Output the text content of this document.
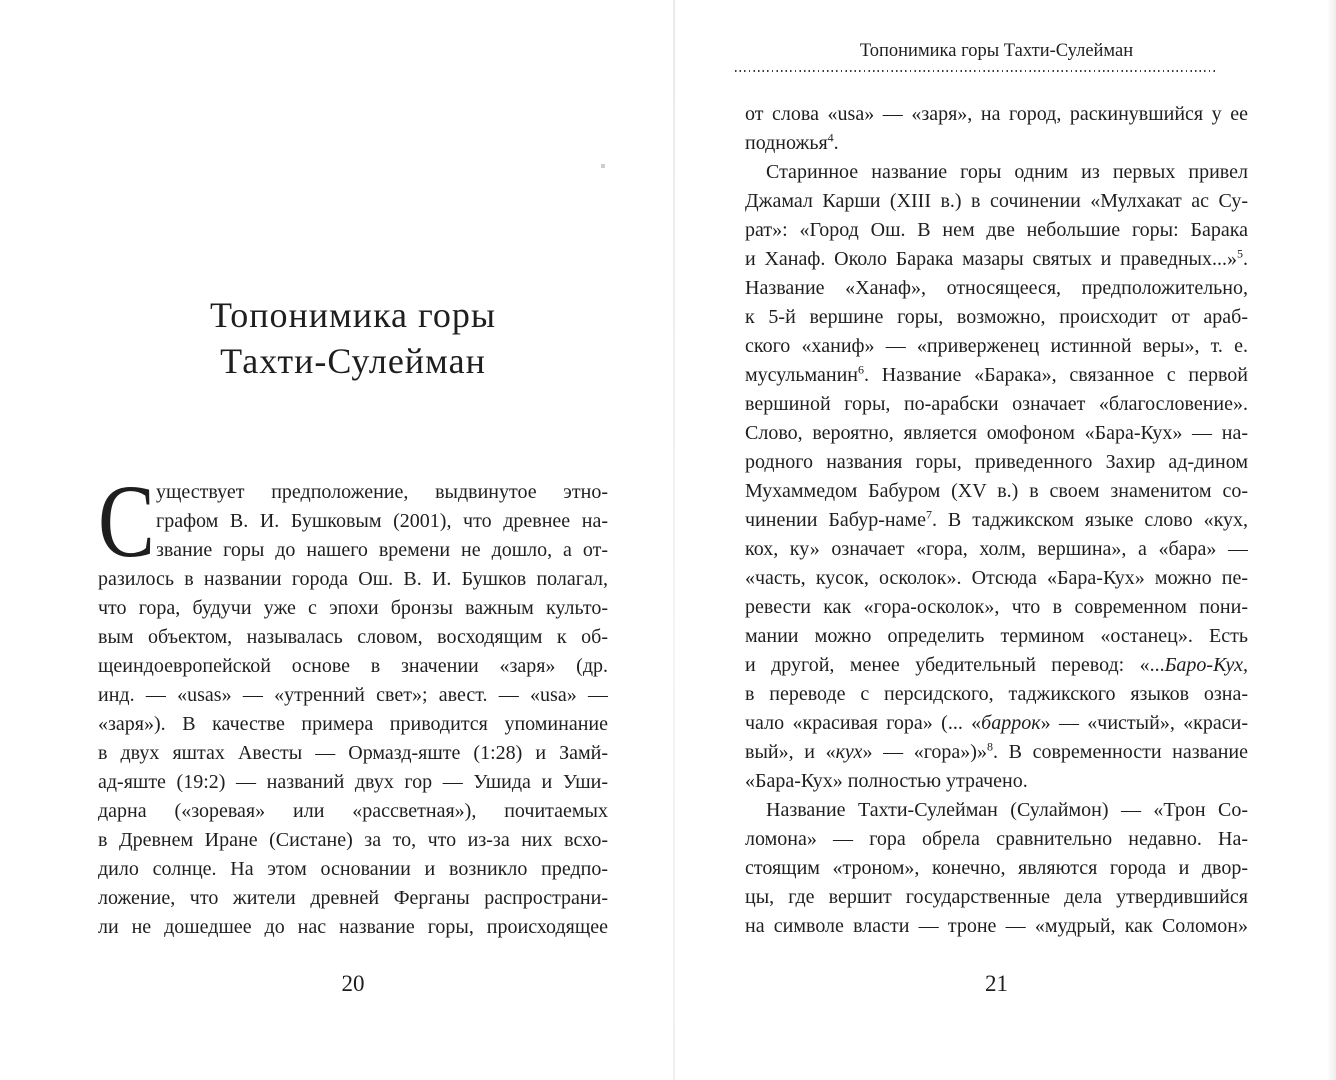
Топонимика горы
Тахти-Сулейман
С уществует предположение, выдвинутое этно-
графом В. И. Бушковым (2001), что древнее на-
звание горы до нашего времени не дошло, а от-
разилось в названии города Ош. В. И. Бушков полагал,
что гора, будучи уже с эпохи бронзы важным культо-
вым объектом, называлась словом, восходящим к об-
щеиндоевропейской основе в значении «заря» (др.
инд. — «usas» — «утренний свет»; авест. — «usa» —
«заря»). В качестве примера приводится упоминание
в двух яштах Авесты — Ормазд-яште (1:28) и Замй-
ад-яште (19:2) — названий двух гор — Ушида и Уши-
дарна («зоревая» или «рассветная»), почитаемых
в Древнем Иране (Систане) за то, что из-за них всхо-
дило солнце. На этом основании и возникло предпо-
ложение, что жители древней Ферганы распространи-
ли не дошедшее до нас название горы, происходящее
20
Топонимика горы Тахти-Сулейман
от слова «usa» — «заря», на город, раскинувшийся у ее
подножья$^4$.
Старинное название горы одним из первых привел
Джамал Карши (XIII в.) в сочинении «Мулхакат ас Су-
рат»: «Город Ош. В нем две небольшие горы: Барака
и Ханаф. Около Барака мазары святых и праведных...»$^5$.
Название «Ханаф», относящееся, предположительно,
к 5-й вершине горы, возможно, происходит от араб-
ского «ханиф» — «приверженец истинной веры», т. е.
мусульманин$^6$. Название «Барака», связанное с первой
вершиной горы, по-арабски означает «благословение».
Слово, вероятно, является омофоном «Бара-Кух» — на-
родного названия горы, приведенного Захир ад-дином
Мухаммедом Бабуром (XV в.) в своем знаменитом со-
чинении Бабур-наме$^7$. В таджикском языке слово «кух,
кох, ку» означает «гора, холм, вершина», а «бара» —
«часть, кусок, осколок». Отсюда «Бара-Кух» можно пе-
ревести как «гора-осколок», что в современном пони-
мании можно определить термином «останец». Есть
и другой, менее убедительный перевод: «...Баро-Кух,
в переводе с персидского, таджикского языков озна-
чало «красивая гора» (... «баррок» — «чистый», «краси-
вый», и «кух» — «гора»)»$^8$. В современности название
«Бара-Кух» полностью утрачено.
Название Тахти-Сулейман (Сулаймон) — «Трон Со-
ломона» — гора обрела сравнительно недавно. На-
стоящим «троном», конечно, являются города и двор-
цы, где вершит государственные дела утвердившийся
на символе власти — троне — «мудрый, как Соломон»
21
